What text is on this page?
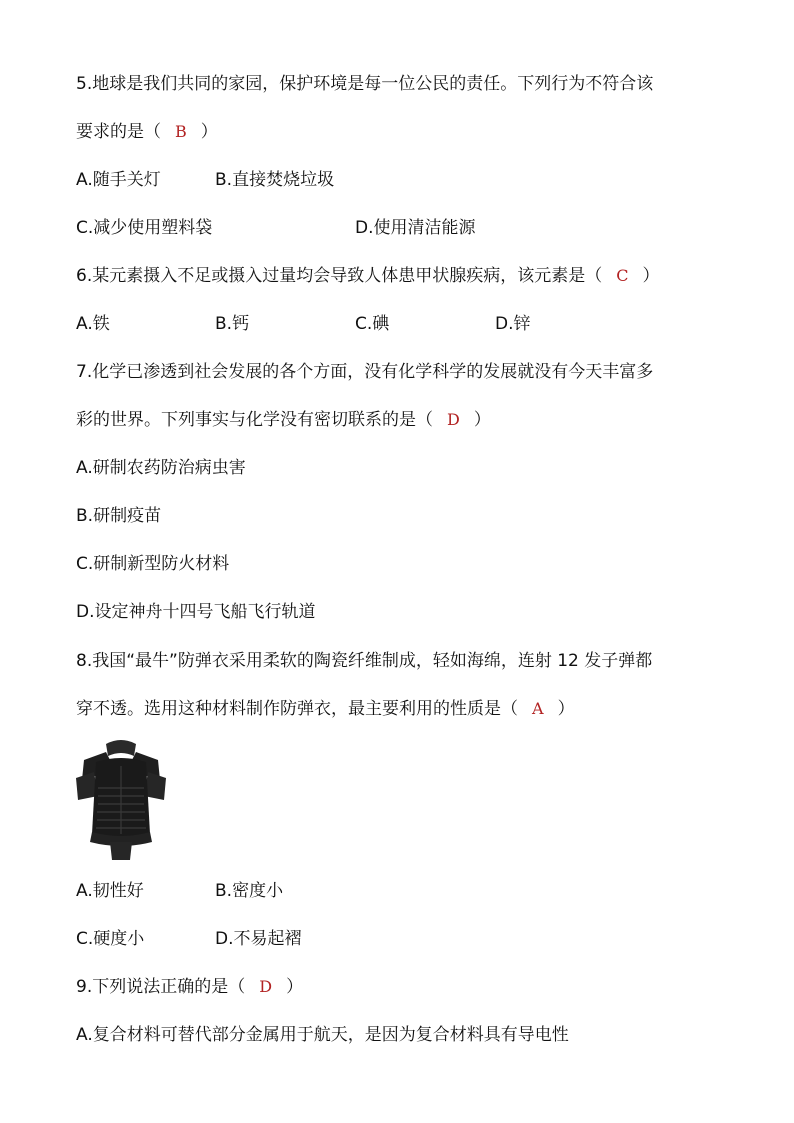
5.地球是我们共同的家园，保护环境是每一位公民的责任。下列行为不符合该
要求的是（ B ）
A.随手关灯	B.直接焚烧垃圾
C.减少使用塑料袋	D.使用清洁能源
6.某元素摄入不足或摄入过量均会导致人体患甲状腺疾病，该元素是（ C ）
A.铁	B.钙	C.碘	D.锌
7.化学已渗透到社会发展的各个方面，没有化学科学的发展就没有今天丰富多
彩的世界。下列事实与化学没有密切联系的是（ D ）
A.研制农药防治病虫害
B.研制疫苗
C.研制新型防火材料
D.设定神舟十四号飞船飞行轨道
8.我国“最牛”防弹衣采用柔软的陶瓷纤维制成，轻如海绵，连射 12 发子弹都
穿不透。选用这种材料制作防弹衣，最主要利用的性质是（ A ）
A.韧性好	B.密度小
C.硬度小	D.不易起褶
9.下列说法正确的是（ D ）
A.复合材料可替代部分金属用于航天，是因为复合材料具有导电性
